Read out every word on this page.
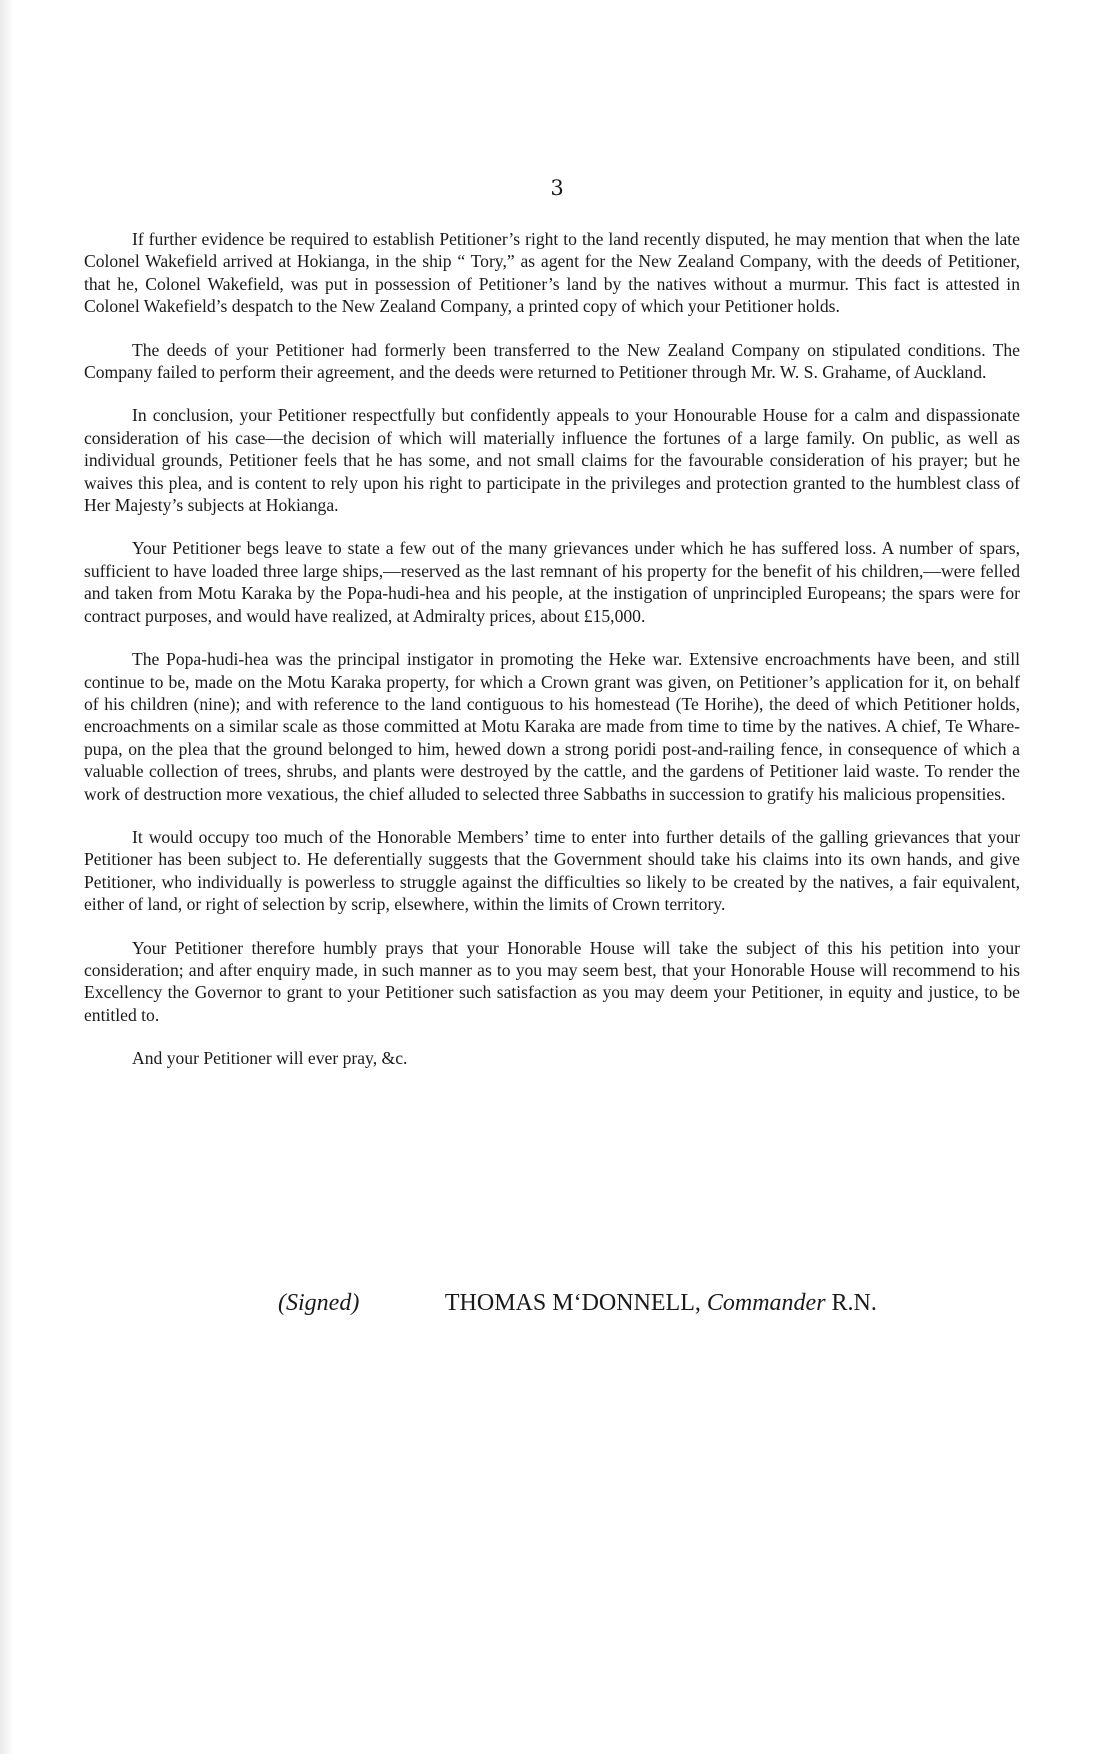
3

If further evidence be required to establish Petitioner’s right to the land recently disputed, he may mention that when the late Colonel Wakefield arrived at Hokianga, in the ship “ Tory,” as agent for the New Zealand Company, with the deeds of Petitioner, that he, Colonel Wakefield, was put in possession of Petitioner’s land by the natives without a murmur. This fact is attested in Colonel Wakefield’s despatch to the New Zealand Company, a printed copy of which your Petitioner holds.

The deeds of your Petitioner had formerly been transferred to the New Zealand Company on stipulated conditions. The Company failed to perform their agreement, and the deeds were returned to Petitioner through Mr. W. S. Grahame, of Auckland.

In conclusion, your Petitioner respectfully but confidently appeals to your Honourable House for a calm and dispassionate consideration of his case—the decision of which will materially influence the fortunes of a large family. On public, as well as individual grounds, Petitioner feels that he has some, and not small claims for the favourable consideration of his prayer; but he waives this plea, and is content to rely upon his right to participate in the privileges and protection granted to the humblest class of Her Majesty’s subjects at Hokianga.

Your Petitioner begs leave to state a few out of the many grievances under which he has suffered loss. A number of spars, sufficient to have loaded three large ships,—reserved as the last remnant of his property for the benefit of his children,—were felled and taken from Motu Karaka by the Popa-hudi-hea and his people, at the instigation of unprincipled Europeans; the spars were for contract purposes, and would have realized, at Admiralty prices, about £15,000.

The Popa-hudi-hea was the principal instigator in promoting the Heke war. Extensive encroachments have been, and still continue to be, made on the Motu Karaka property, for which a Crown grant was given, on Petitioner’s application for it, on behalf of his children (nine); and with reference to the land contiguous to his homestead (Te Horihe), the deed of which Petitioner holds, encroachments on a similar scale as those committed at Motu Karaka are made from time to time by the natives. A chief, Te Whare-pupa, on the plea that the ground belonged to him, hewed down a strong poridi post-and-railing fence, in consequence of which a valuable collection of trees, shrubs, and plants were destroyed by the cattle, and the gardens of Petitioner laid waste. To render the work of destruction more vexatious, the chief alluded to selected three Sabbaths in succession to gratify his malicious propensities.

It would occupy too much of the Honorable Members’ time to enter into further details of the galling grievances that your Petitioner has been subject to. He deferentially suggests that the Government should take his claims into its own hands, and give Petitioner, who individually is powerless to struggle against the difficulties so likely to be created by the natives, a fair equivalent, either of land, or right of selection by scrip, elsewhere, within the limits of Crown territory.

Your Petitioner therefore humbly prays that your Honorable House will take the subject of this his petition into your consideration; and after enquiry made, in such manner as to you may seem best, that your Honorable House will recommend to his Excellency the Governor to grant to your Petitioner such satisfaction as you may deem your Petitioner, in equity and justice, to be entitled to.

And your Petitioner will ever pray, &c.

(Signed)	THOMAS M‘DONNELL, Commander R.N.
